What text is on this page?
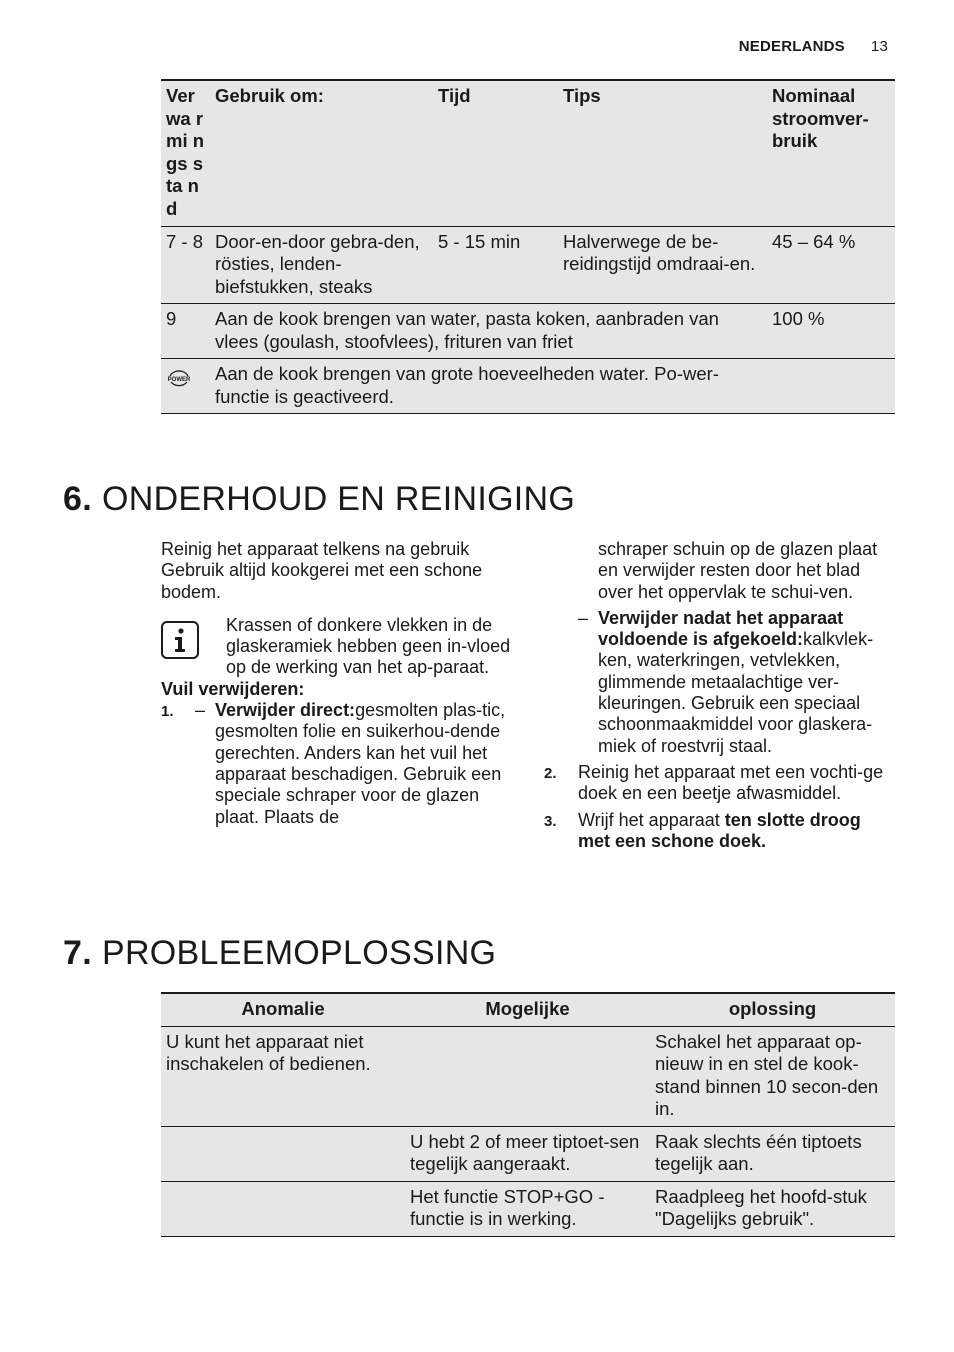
NEDERLANDS 13
Ver wa rmi ngs sta nd	Gebruik om:	Tijd	Tips	Nominaal stroomver-bruik
7 - 8	Door-en-door gebra-den, rösties, lenden-biefstukken, steaks	5 - 15 min	Halverwege de be-reidingstijd omdraai-en.	45 – 64 %
9	Aan de kook brengen van water, pasta koken, aanbraden van vlees (goulash, stoofvlees), frituren van friet			100 %

POWER	Aan de kook brengen van grote hoeveelheden water. Po-wer-functie is geactiveerd.			
6. ONDERHOUD EN REINIGING

Reinig het apparaat telkens na gebruik Gebruik altijd kookgerei met een schone bodem.

Krassen of donkere vlekken in de glaskeramiek hebben geen in-vloed op de werking van het ap-paraat.

Vuil verwijderen:

1.	– Verwijder direct:gesmolten plas-tic, gesmolten folie en suikerhou-dende gerechten. Anders kan het vuil het apparaat beschadigen. Gebruik een speciale schraper voor de glazen plaat. Plaats de

schraper schuin op de glazen plaat en verwijder resten door het blad over het oppervlak te schui-ven.

– Verwijder nadat het apparaat voldoende is afgekoeld:kalkvlek-ken, waterkringen, vetvlekken, glimmende metaalachtige ver-kleuringen. Gebruik een speciaal schoonmaakmiddel voor glaskera-miek of roestvrij staal.

2.	Reinig het apparaat met een vochti-ge doek en een beetje afwasmiddel.

3.	Wrijf het apparaat ten slotte droog met een schone doek.

7. PROBLEEMOPLOSSING
Anomalie	Mogelijke	oplossing
U kunt het apparaat niet inschakelen of bedienen.		Schakel het apparaat op-nieuw in en stel de kook-stand binnen 10 secon-den in.
	U hebt 2 of meer tiptoet-sen tegelijk aangeraakt.	Raak slechts één tiptoets tegelijk aan.
	Het functie STOP+GO -functie is in werking.	Raadpleeg het hoofd-stuk "Dagelijks gebruik".
